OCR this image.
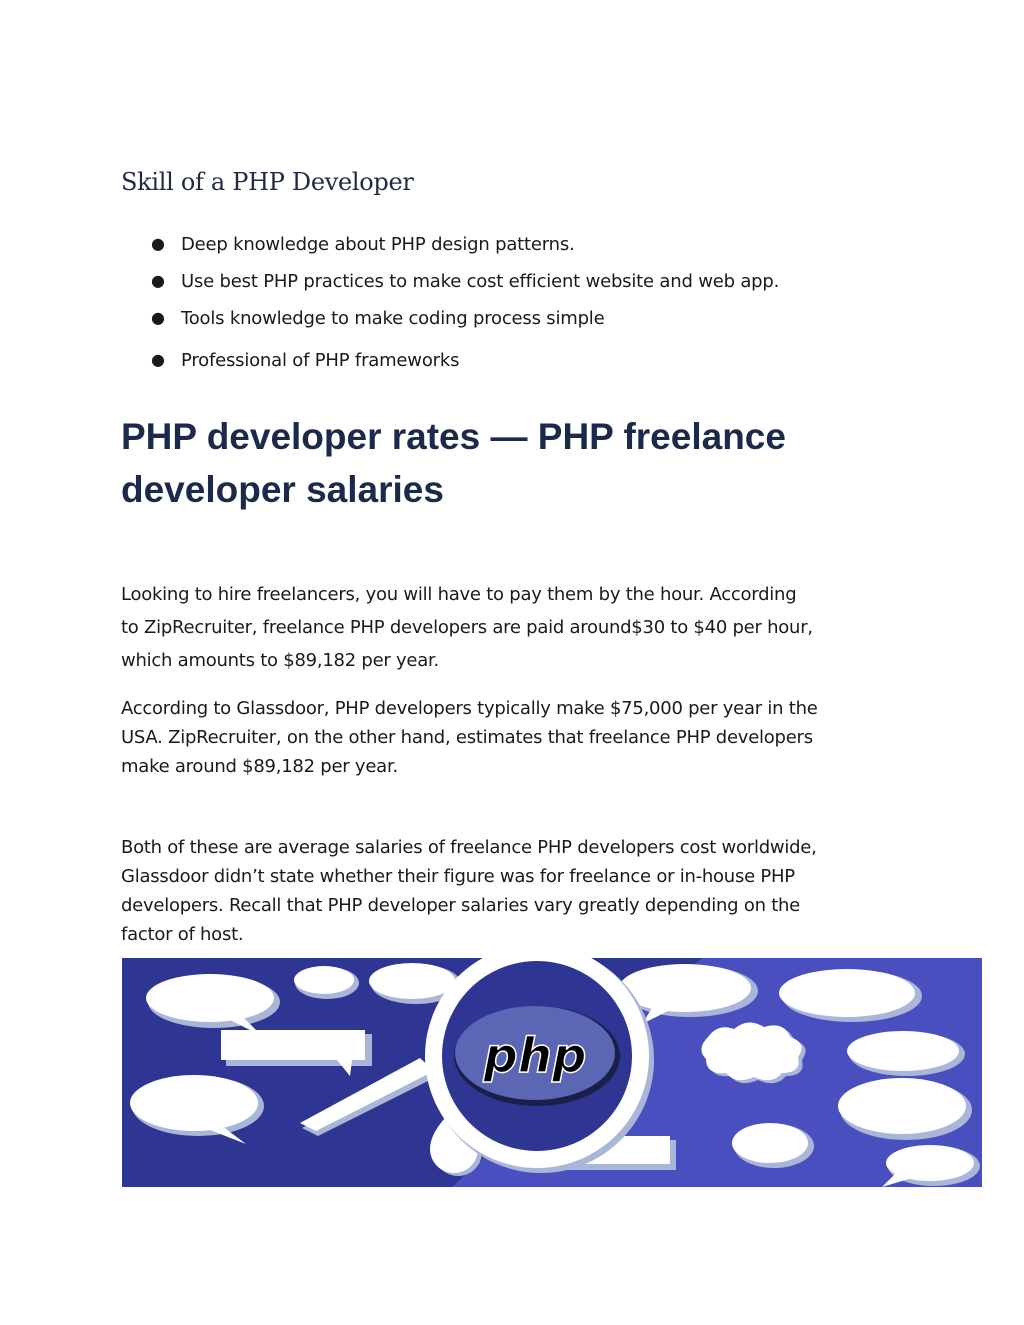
Skill of a PHP Developer
● Deep knowledge about PHP design patterns.
● Use best PHP practices to make cost efficient website and web app.
● Tools knowledge to make coding process simple
● Professional of PHP frameworks
PHP developer rates — PHP freelance
developer salaries

Looking to hire freelancers, you will have to pay them by the hour. According
to ZipRecruiter, freelance PHP developers are paid around$30 to $40 per hour,
which amounts to $89,182 per year.

According to Glassdoor, PHP developers typically make $75,000 per year in the
USA. ZipRecruiter, on the other hand, estimates that freelance PHP developers
make around $89,182 per year.

Both of these are average salaries of freelance PHP developers cost worldwide,
Glassdoor didn’t state whether their figure was for freelance or in-house PHP
developers. Recall that PHP developer salaries vary greatly depending on the
factor of host.

php
